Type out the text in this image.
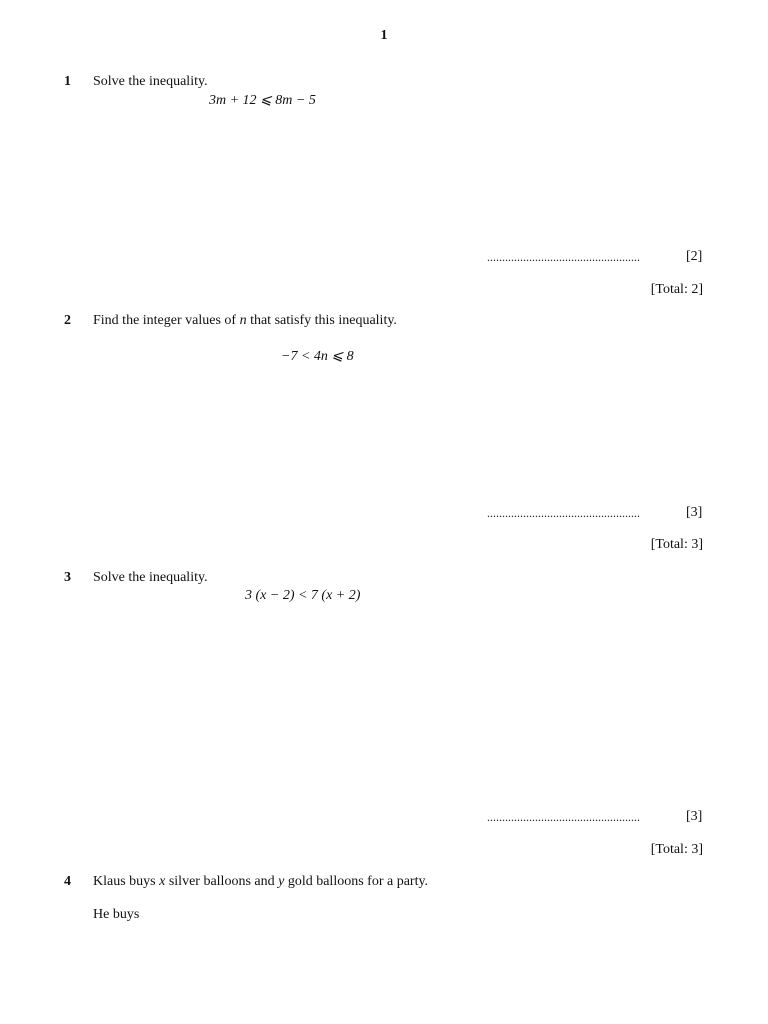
1
1 Solve the inequality.
3m + 12 ⩽ 8m − 5
...................................................	[2]
[Total: 2]
2 Find the integer values of n that satisfy this inequality.
−7 < 4n ⩽ 8
...................................................	[3]
[Total: 3]
3 Solve the inequality.
3 (x − 2) < 7 (x + 2)
...................................................	[3]
[Total: 3]
4 Klaus buys x silver balloons and y gold balloons for a party.
He buys
